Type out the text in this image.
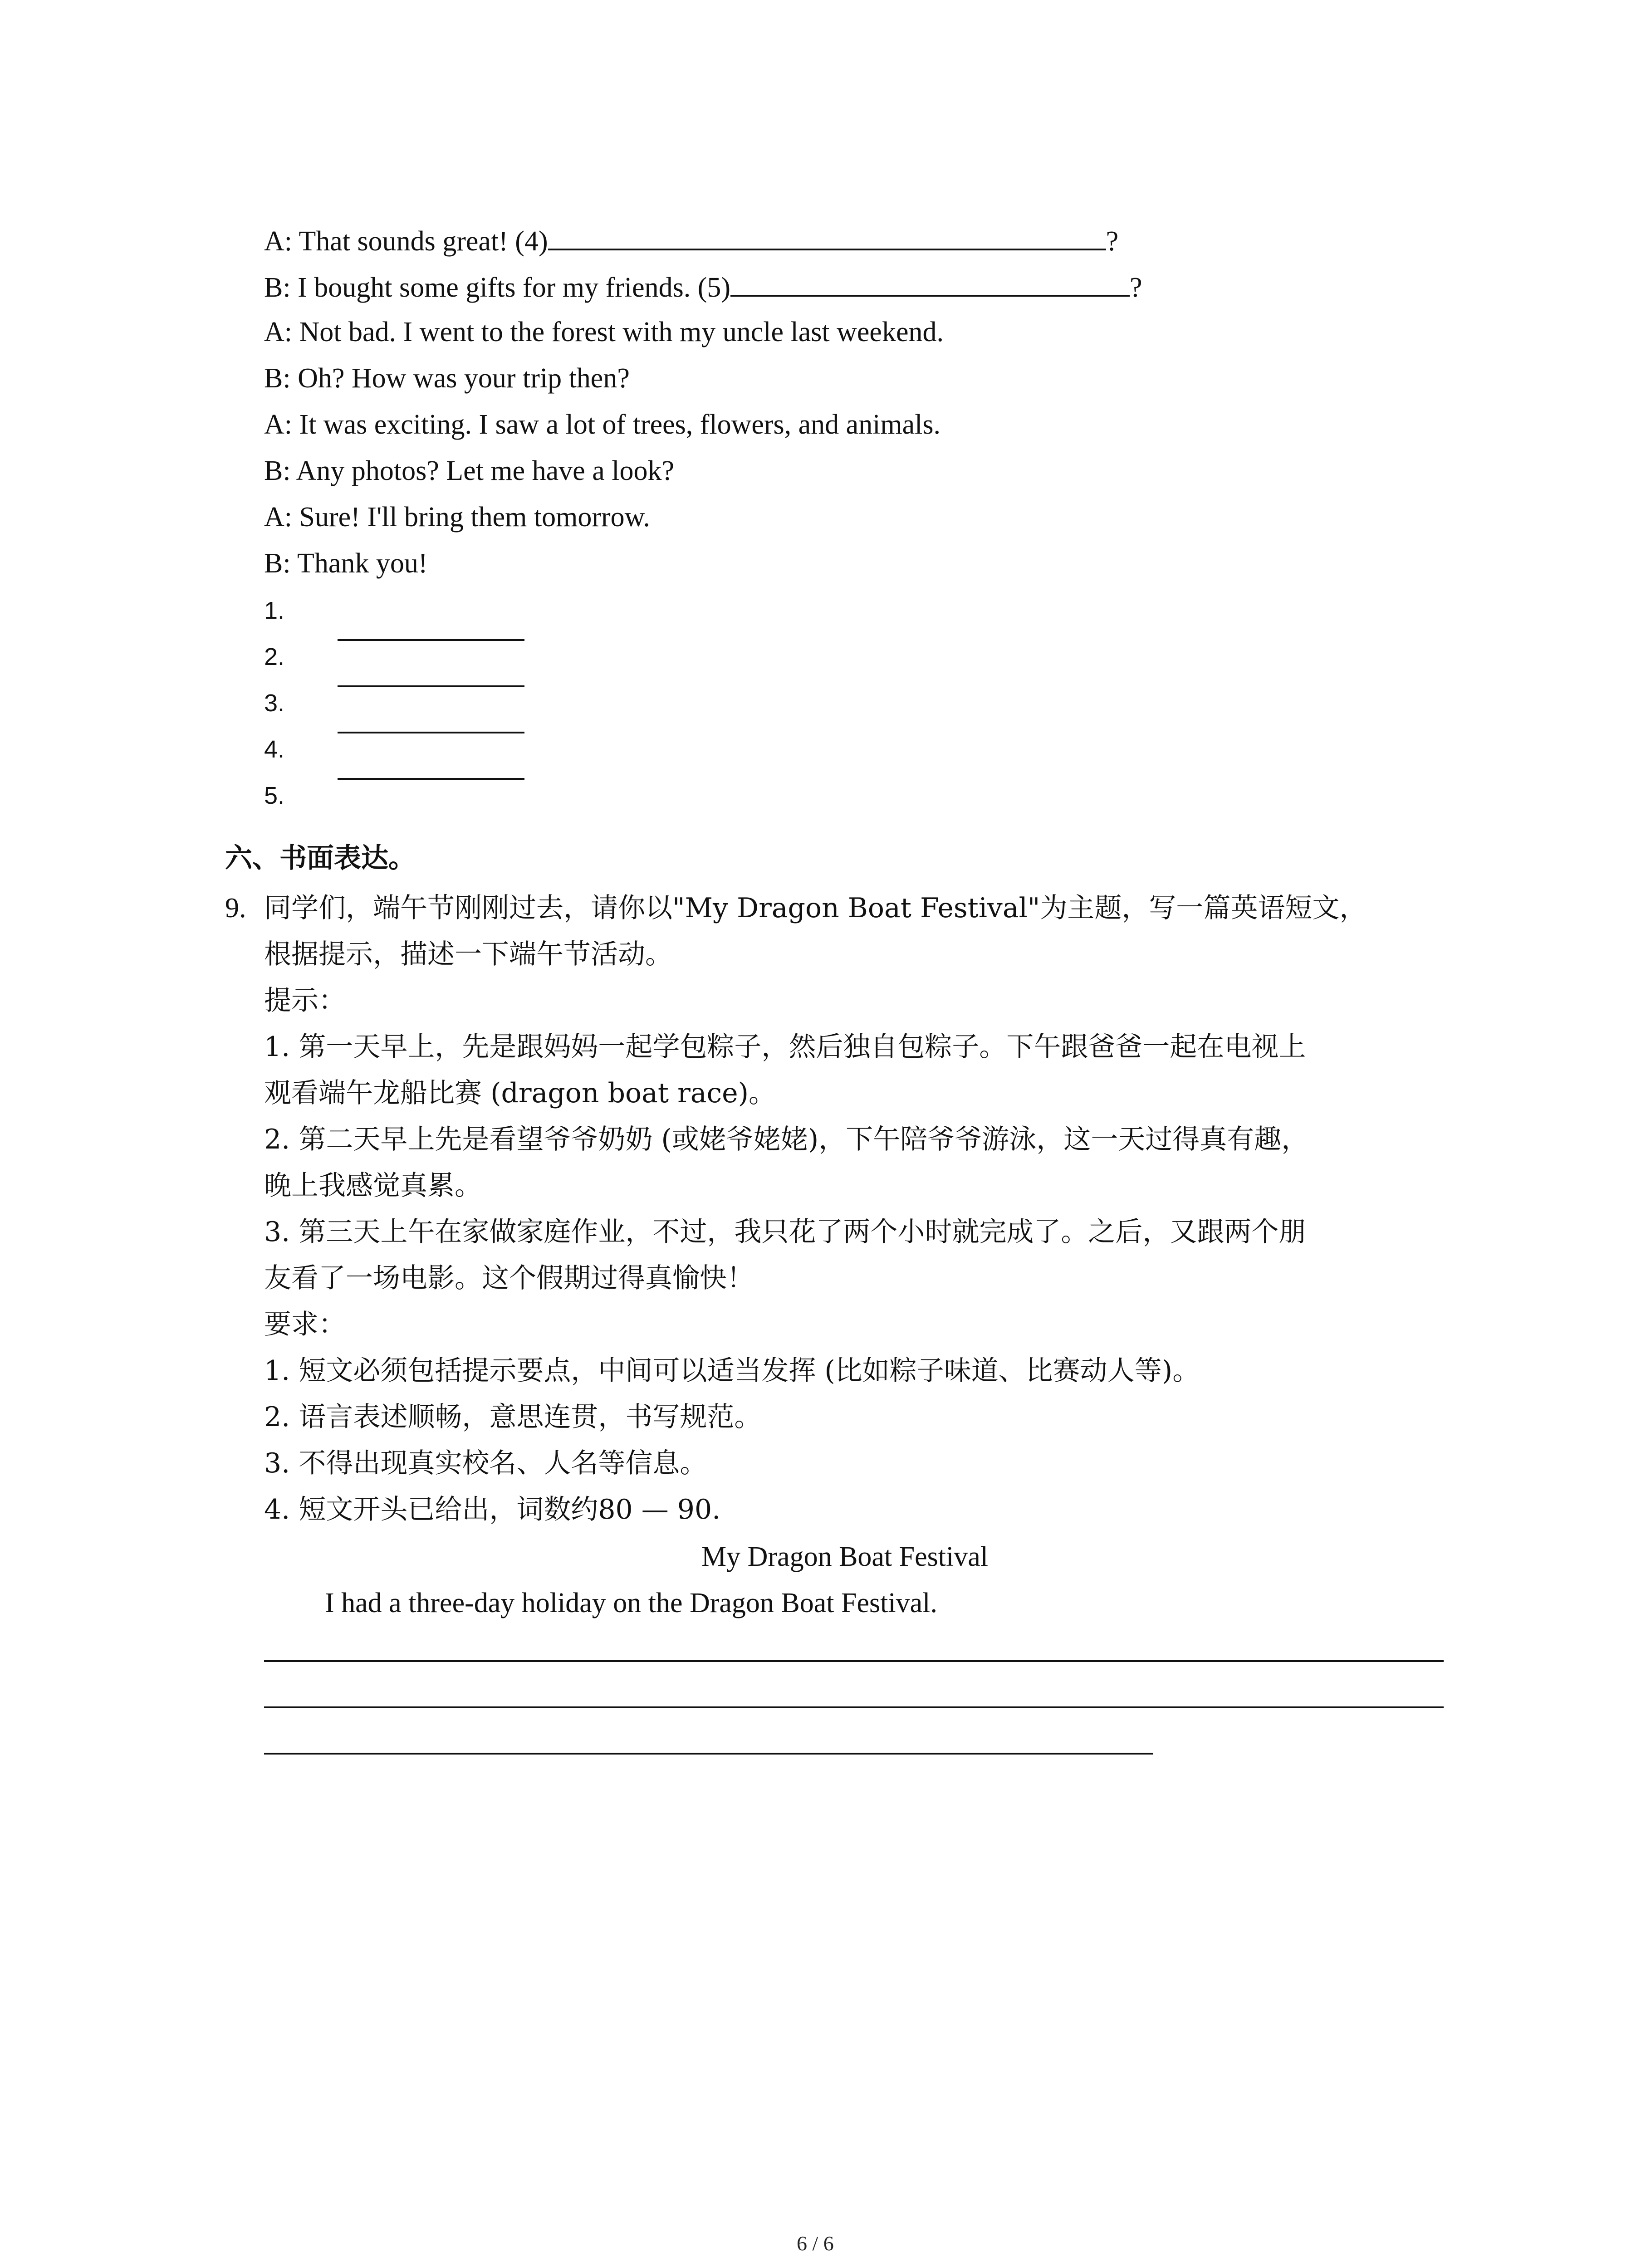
A: That sounds great! (4)	?
B: I bought some gifts for my friends. (5)	?
A: Not bad. I went to the forest with my uncle last weekend.
B: Oh? How was your trip then?
A: It was exciting. I saw a lot of trees, flowers, and animals.
B: Any photos? Let me have a look?
A: Sure! I'll bring them tomorrow.
B: Thank you!
1.
2.
3.
4.
5.
六、书面表达。
9. 同学们，端午节刚刚过去，请你以"My Dragon Boat Festival"为主题，写一篇英语短文，
根据提示，描述一下端午节活动。
提示：
1. 第一天早上，先是跟妈妈一起学包粽子，然后独自包粽子。下午跟爸爸一起在电视上
观看端午龙船比赛 (dragon boat race)。
2. 第二天早上先是看望爷爷奶奶 (或姥爷姥姥)，下午陪爷爷游泳，这一天过得真有趣，
晚上我感觉真累。
3. 第三天上午在家做家庭作业，不过，我只花了两个小时就完成了。之后，又跟两个朋
友看了一场电影。这个假期过得真愉快！
要求：
1. 短文必须包括提示要点，中间可以适当发挥 (比如粽子味道、比赛动人等)。
2. 语言表述顺畅，意思连贯，书写规范。
3. 不得出现真实校名、人名等信息。
4. 短文开头已给出，词数约80 — 90.
My Dragon Boat Festival
I had a three-day holiday on the Dragon Boat Festival.
6 / 6
